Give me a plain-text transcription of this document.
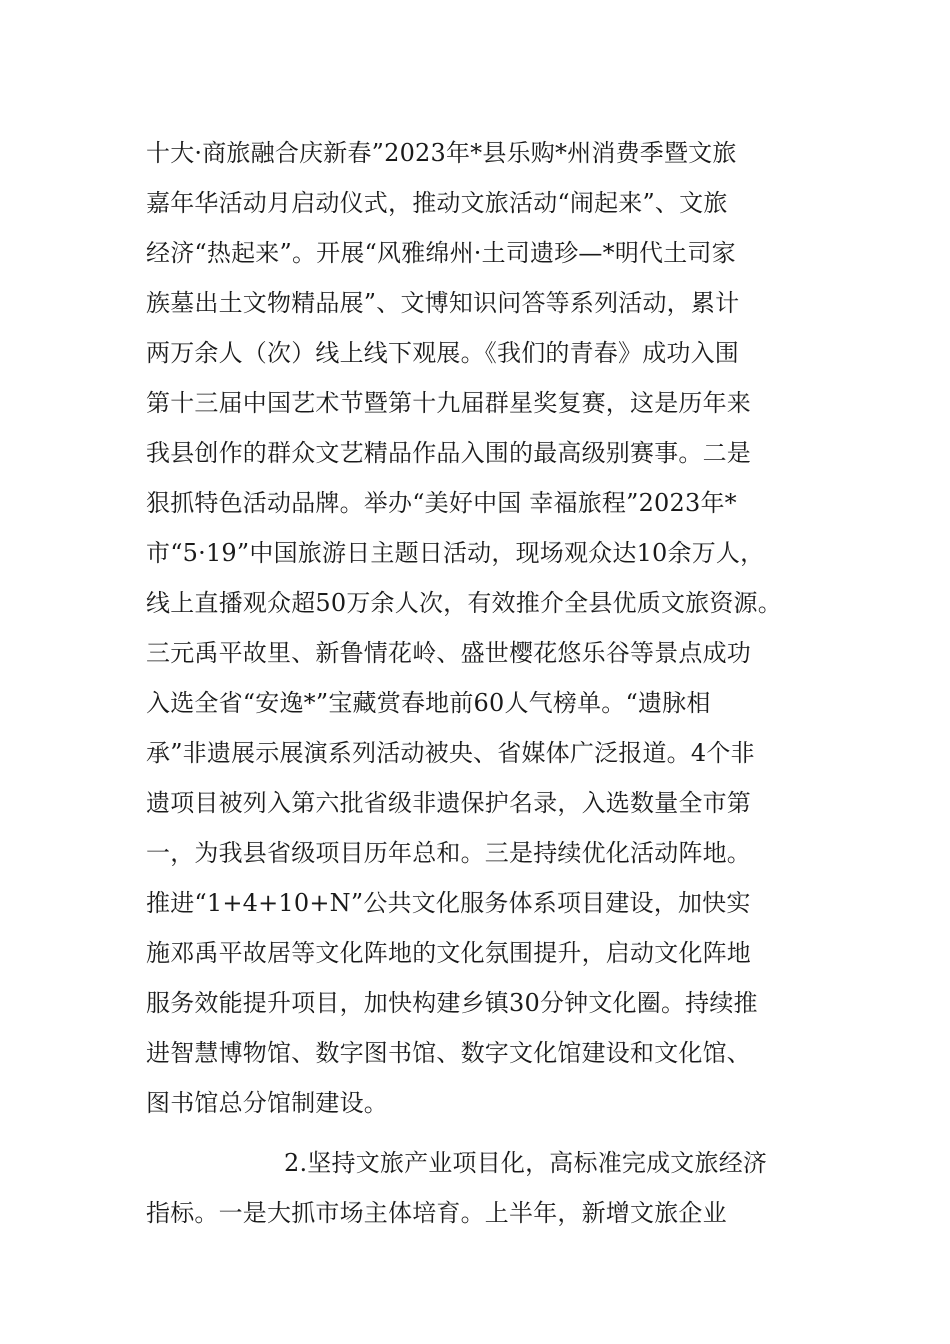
十大·商旅融合庆新春”2023年*县乐购*州消费季暨文旅
嘉年华活动月启动仪式，推动文旅活动“闹起来”、文旅
经济“热起来”。开展“风雅绵州·土司遗珍—*明代土司家
族墓出土文物精品展”、文博知识问答等系列活动，累计
两万余人（次）线上线下观展。《我们的青春》成功入围
第十三届中国艺术节暨第十九届群星奖复赛，这是历年来
我县创作的群众文艺精品作品入围的最高级别赛事。二是
狠抓特色活动品牌。举办“美好中国 幸福旅程”2023年*
市“5·19”中国旅游日主题日活动，现场观众达10余万人，
线上直播观众超50万余人次，有效推介全县优质文旅资源。
三元禹平故里、新鲁情花岭、盛世樱花悠乐谷等景点成功
入选全省“安逸*”宝藏赏春地前60人气榜单。“遗脉相
承”非遗展示展演系列活动被央、省媒体广泛报道。4个非
遗项目被列入第六批省级非遗保护名录，入选数量全市第
一，为我县省级项目历年总和。三是持续优化活动阵地。
推进“1+4+10+N”公共文化服务体系项目建设，加快实
施邓禹平故居等文化阵地的文化氛围提升，启动文化阵地
服务效能提升项目，加快构建乡镇30分钟文化圈。持续推
进智慧博物馆、数字图书馆、数字文化馆建设和文化馆、
图书馆总分馆制建设。
2.坚持文旅产业项目化，高标准完成文旅经济
指标。一是大抓市场主体培育。上半年，新增文旅企业
